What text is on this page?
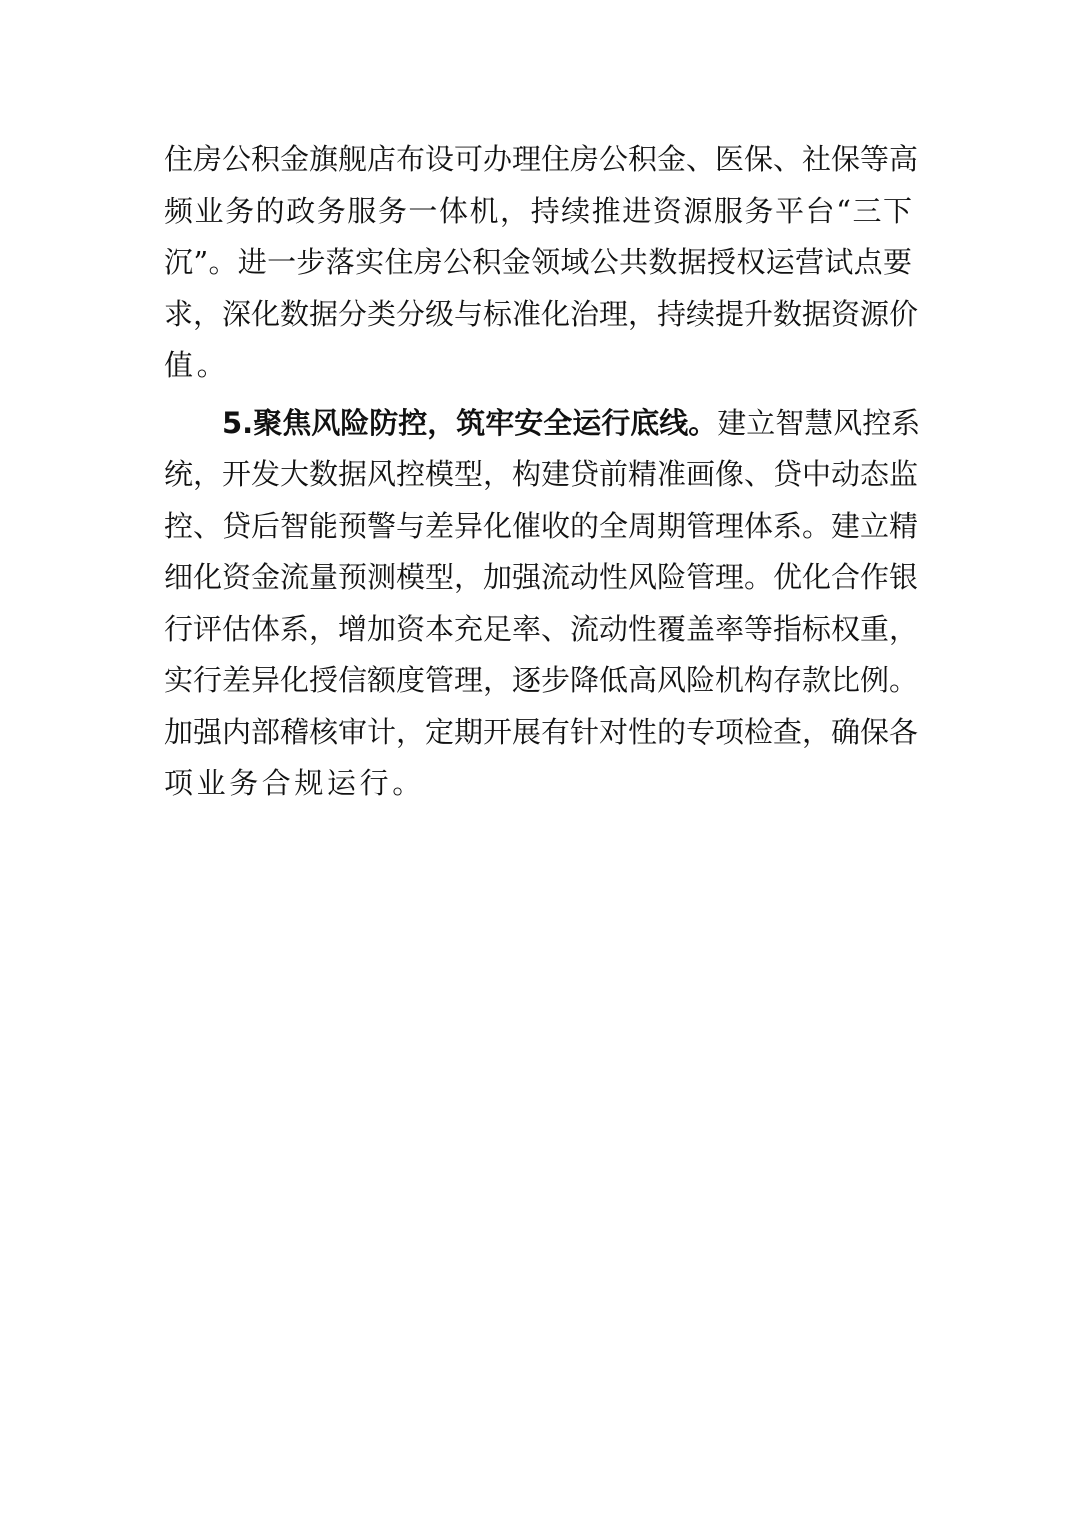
住房公积金旗舰店布设可办理住房公积金、医保、社保等高
频业务的政务服务一体机，持续推进资源服务平台“三下
沉”。进一步落实住房公积金领域公共数据授权运营试点要
求，深化数据分类分级与标准化治理，持续提升数据资源价
值。
5.聚焦风险防控，筑牢安全运行底线。建立智慧风控系
统，开发大数据风控模型，构建贷前精准画像、贷中动态监
控、贷后智能预警与差异化催收的全周期管理体系。建立精
细化资金流量预测模型，加强流动性风险管理。优化合作银
行评估体系，增加资本充足率、流动性覆盖率等指标权重，
实行差异化授信额度管理，逐步降低高风险机构存款比例。
加强内部稽核审计，定期开展有针对性的专项检查，确保各
项业务合规运行。
